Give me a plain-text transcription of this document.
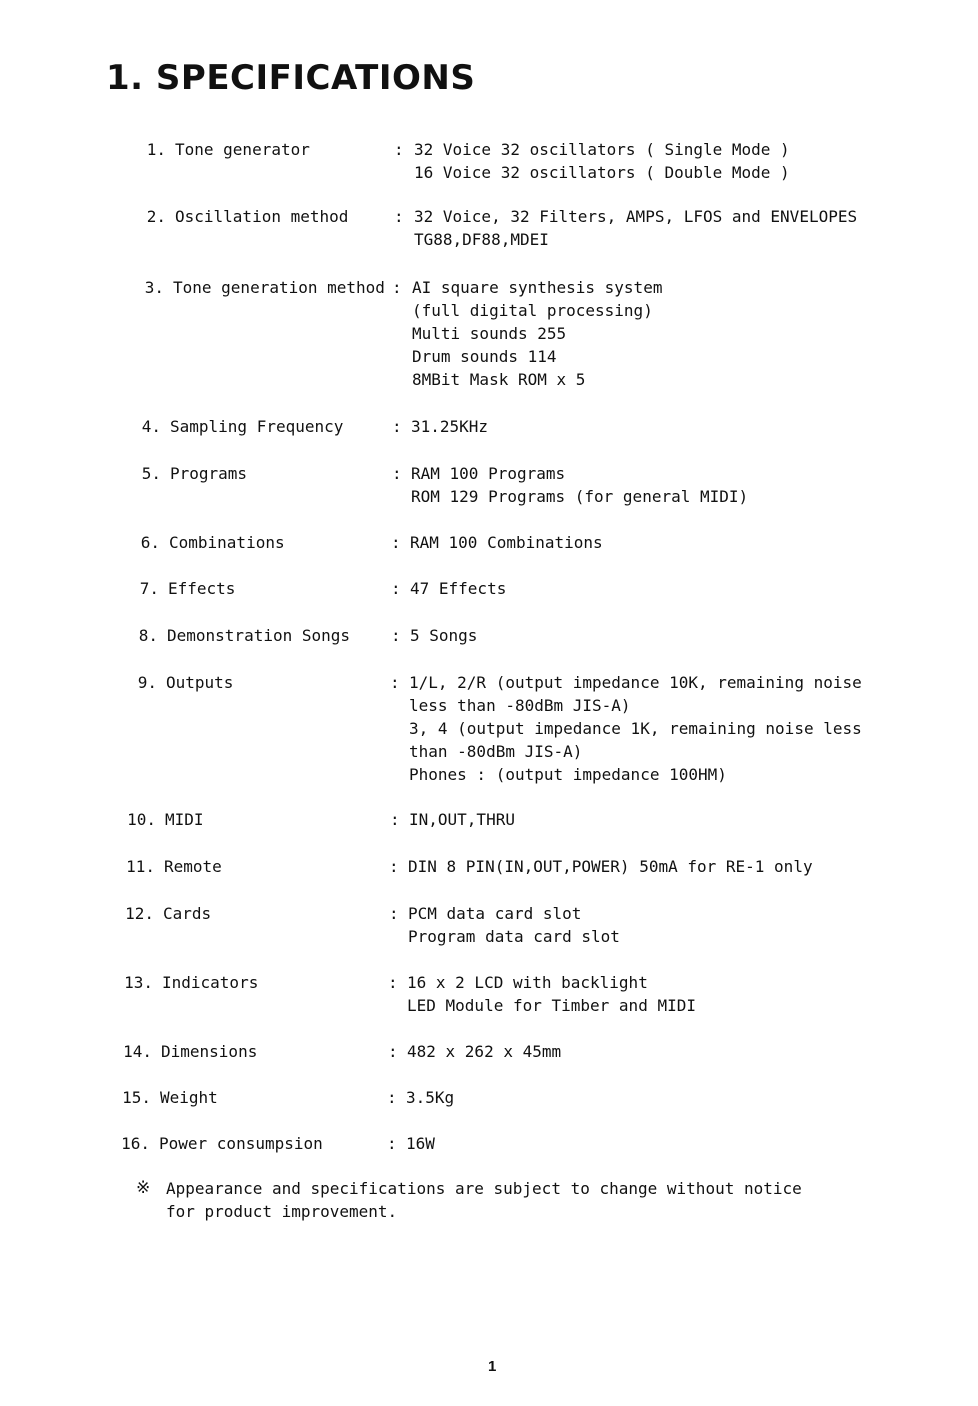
1. SPECIFICATIONS
1. Tone generator	: 32 Voice 32 oscillators ( Single Mode )
16 Voice 32 oscillators ( Double Mode )
2. Oscillation method	: 32 Voice, 32 Filters, AMPS, LFOS and ENVELOPES
TG88,DF88,MDEI
3. Tone generation method : AI square synthesis system
(full digital processing)
Multi sounds 255
Drum sounds 114
8MBit Mask ROM x 5
4. Sampling Frequency	: 31.25KHz
5. Programs	: RAM 100 Programs
ROM 129 Programs (for general MIDI)
6. Combinations	: RAM 100 Combinations
7. Effects	: 47 Effects
8. Demonstration Songs	: 5 Songs
9. Outputs	: 1/L, 2/R (output impedance 10K, remaining noise
less than -80dBm JIS-A)
3, 4 (output impedance 1K, remaining noise less
than -80dBm JIS-A)
Phones : (output impedance 100HM)
10. MIDI	: IN,OUT,THRU
11. Remote	: DIN 8 PIN(IN,OUT,POWER) 50mA for RE-1 only
12. Cards	: PCM data card slot
Program data card slot
13. Indicators	: 16 x 2 LCD with backlight
LED Module for Timber and MIDI
14. Dimensions	: 482 x 262 x 45mm
15. Weight	: 3.5Kg
16. Power consumpsion	: 16W
※ Appearance and specifications are subject to change without notice
for product improvement.
1
